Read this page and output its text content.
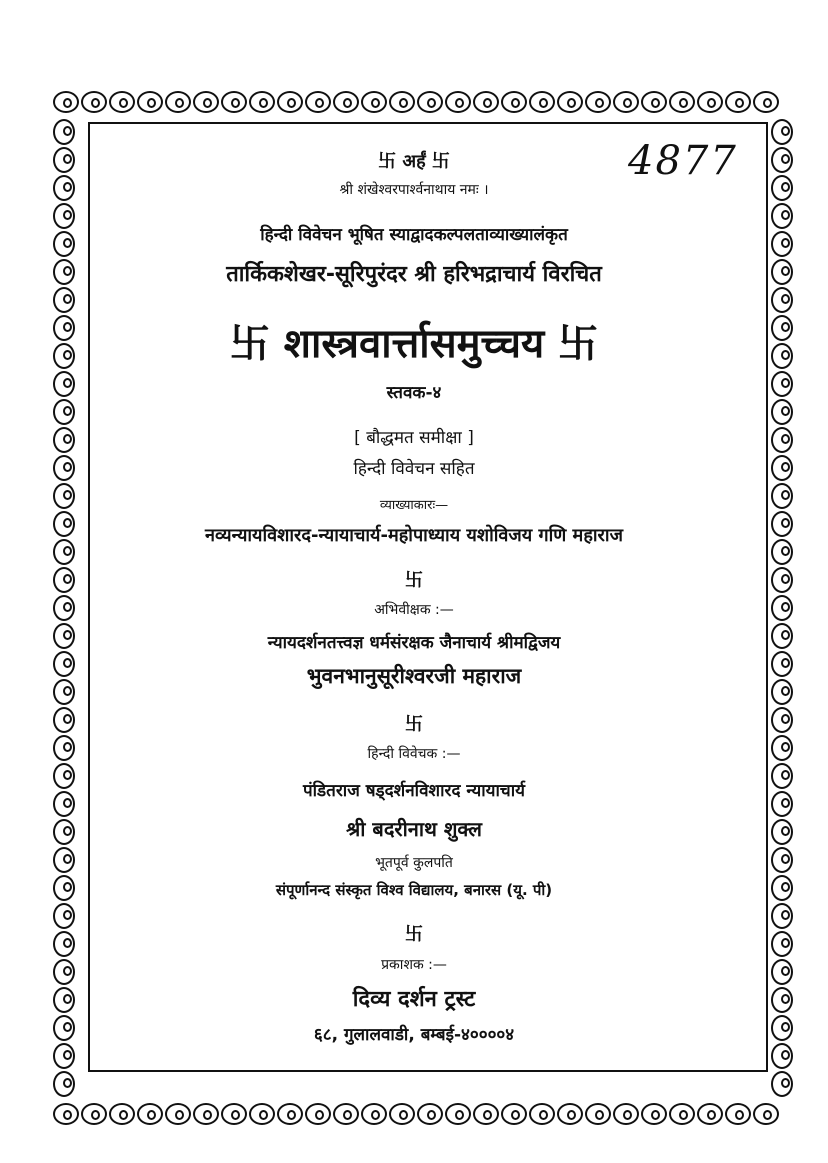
4877
卐 अर्हं 卐
श्री शंखेश्वरपार्श्वनाथाय नमः ।
हिन्दी विवेचन भूषित स्याद्वादकल्पलताव्याख्यालंकृत
तार्किकशेखर-सूरिपुरंदर श्री हरिभद्राचार्य विरचित
卐 शास्त्रवार्त्तासमुच्चय 卐
स्तवक-४
[ बौद्धमत समीक्षा ]
हिन्दी विवेचन सहित
व्याख्याकारः—
नव्यन्यायविशारद-न्यायाचार्य-महोपाध्याय यशोविजय गणि महाराज
卐
अभिवीक्षक :—
न्यायदर्शनतत्त्वज्ञ धर्मसंरक्षक जैनाचार्य श्रीमद्विजय
भुवनभानुसूरीश्वरजी महाराज
卐
हिन्दी विवेचक :—
पंडितराज षड्दर्शनविशारद न्यायाचार्य
श्री बदरीनाथ शुक्ल
भूतपूर्व कुलपति
संपूर्णानन्द संस्कृत विश्व विद्यालय, बनारस (यू. पी)
卐
प्रकाशक :—
दिव्य दर्शन ट्रस्ट
६८, गुलालवाडी, बम्बई-४००००४
